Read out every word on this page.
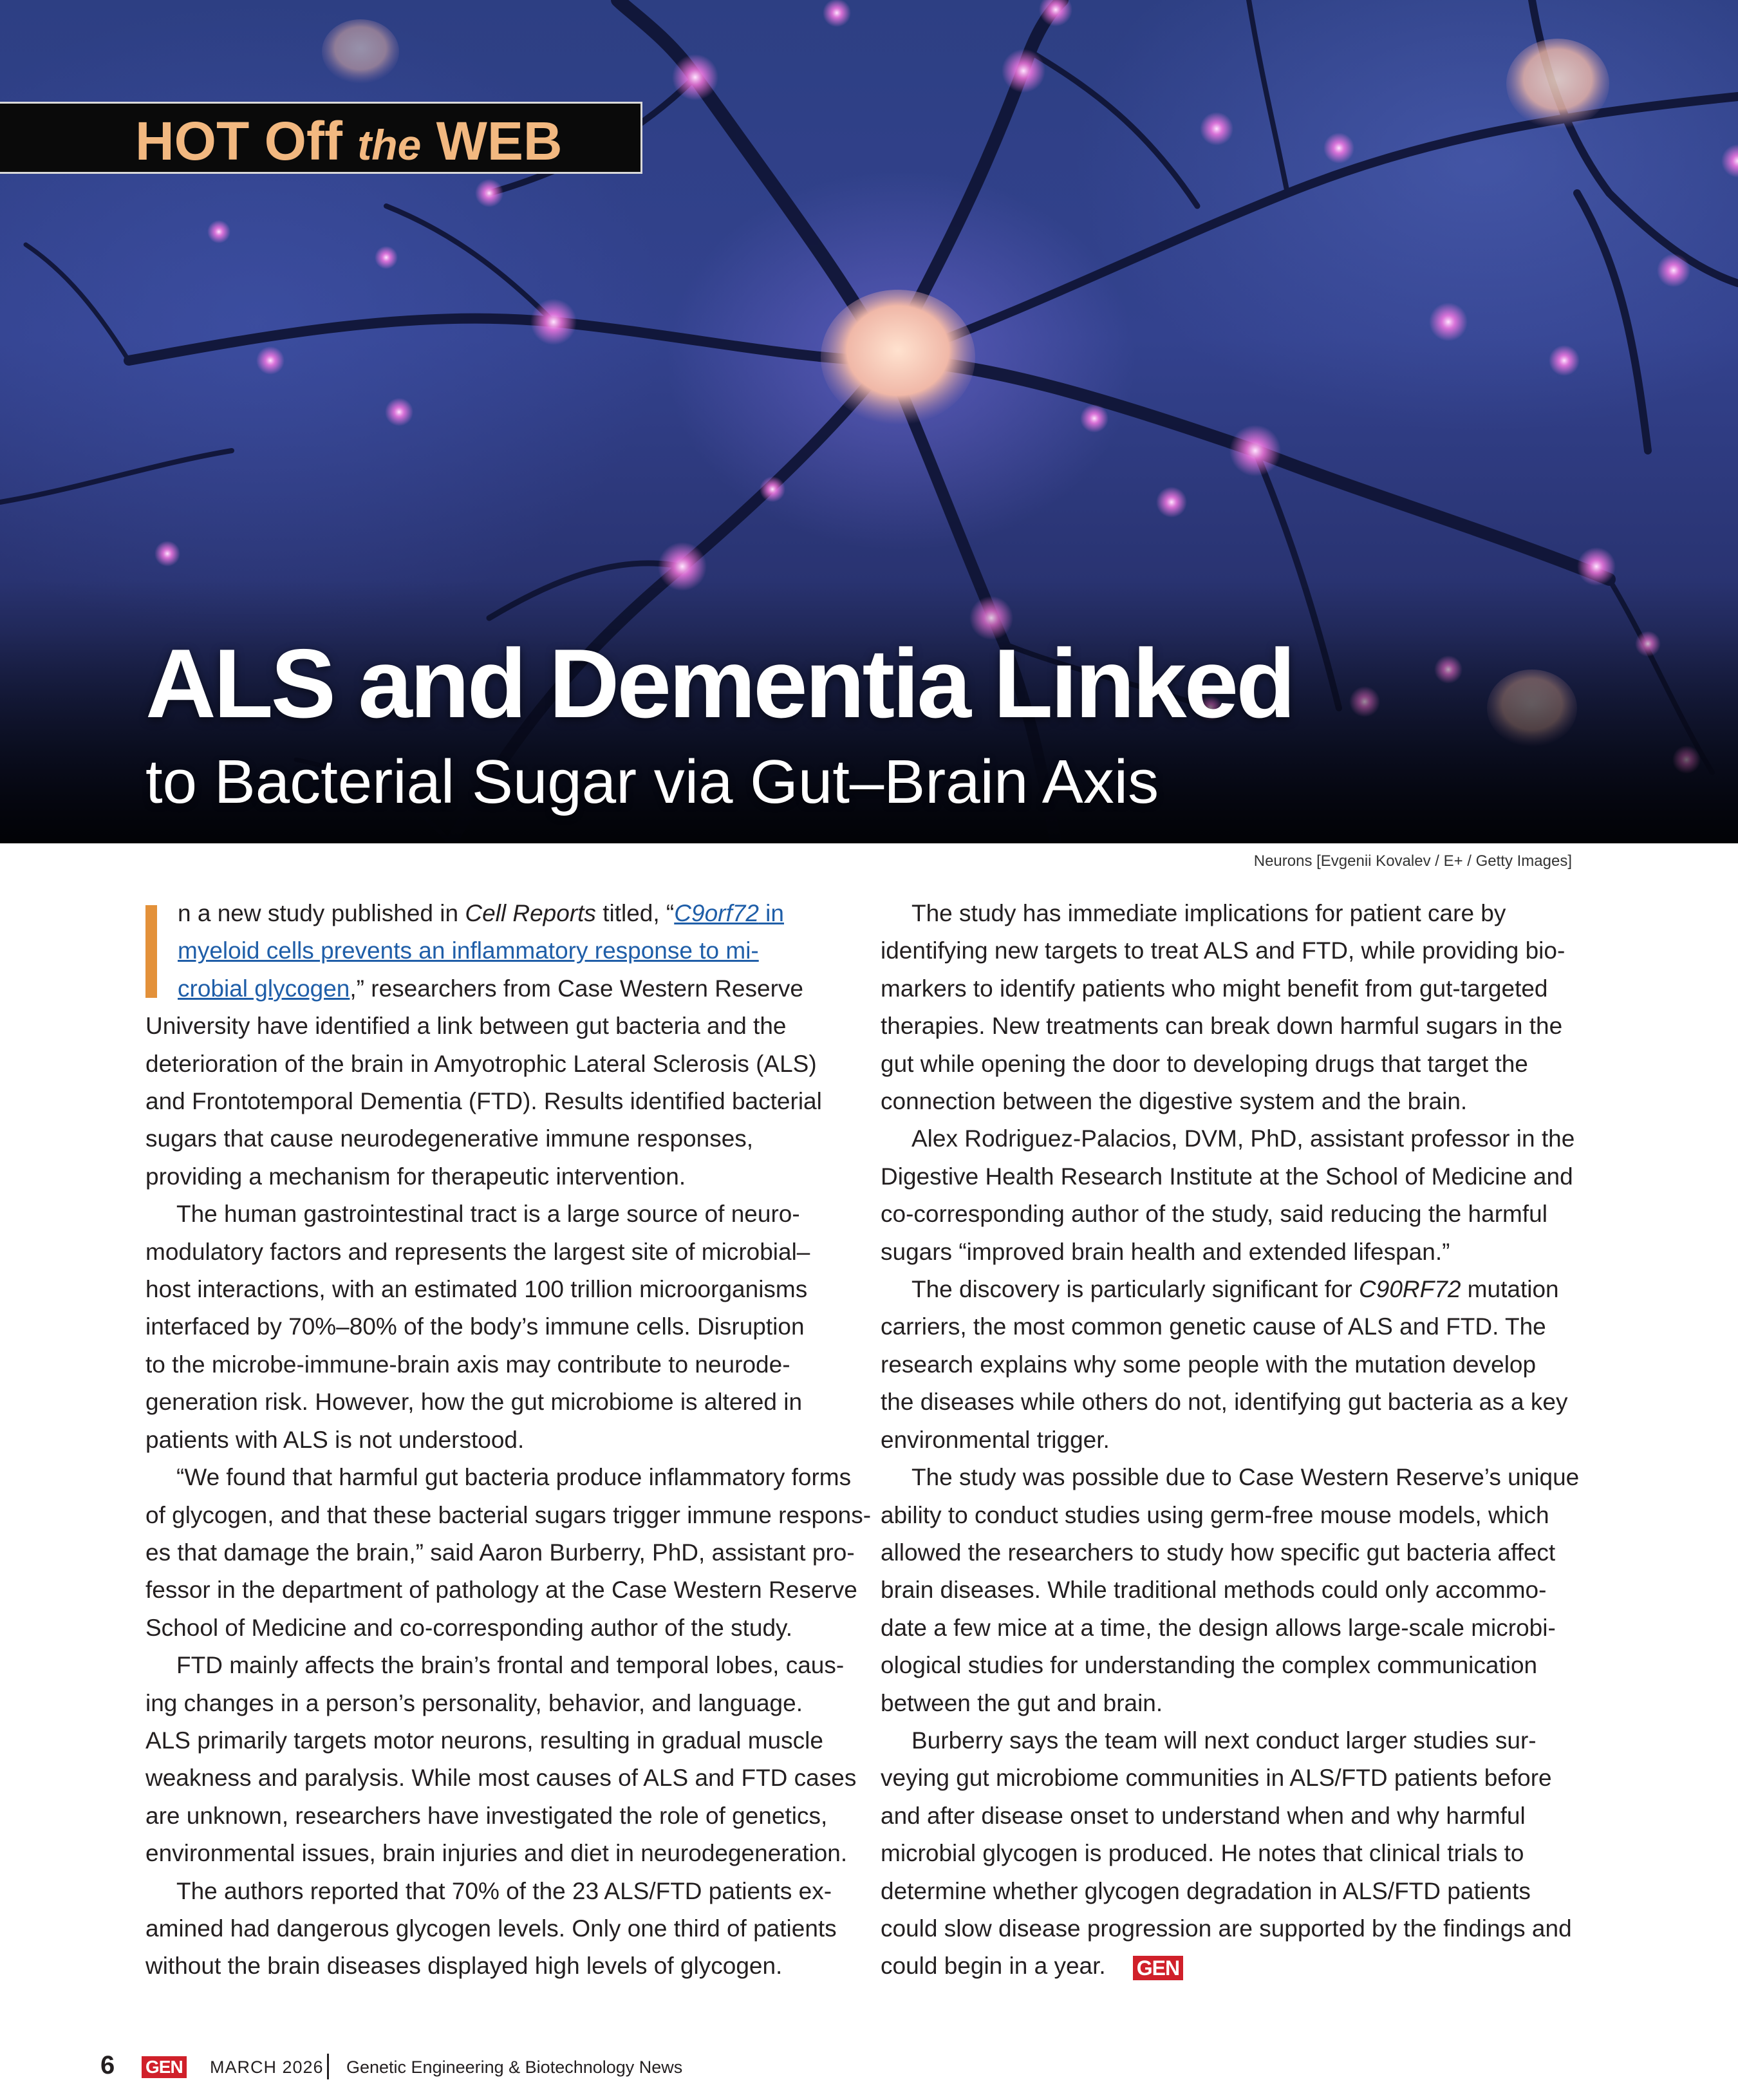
HOT Off the WEB
ALS and Dementia Linked
to Bacterial Sugar via Gut–Brain Axis
Neurons [Evgenii Kovalev / E+ / Getty Images]

n a new study published in Cell Reports titled, “C9orf72 in

myeloid cells prevents an inflammatory response to mi-

crobial glycogen,” researchers from Case Western Reserve

University have identified a link between gut bacteria and the

deterioration of the brain in Amyotrophic Lateral Sclerosis (ALS)

and Frontotemporal Dementia (FTD). Results identified bacterial

sugars that cause neurodegenerative immune responses,

providing a mechanism for therapeutic intervention.

The human gastrointestinal tract is a large source of neuro-

modulatory factors and represents the largest site of microbial–

host interactions, with an estimated 100 trillion microorganisms

interfaced by 70%–80% of the body’s immune cells. Disruption

to the microbe-immune-brain axis may contribute to neurode-

generation risk. However, how the gut microbiome is altered in

patients with ALS is not understood.

“We found that harmful gut bacteria produce inflammatory forms

of glycogen, and that these bacterial sugars trigger immune respons-

es that damage the brain,” said Aaron Burberry, PhD, assistant pro-

fessor in the department of pathology at the Case Western Reserve

School of Medicine and co-corresponding author of the study.

FTD mainly affects the brain’s frontal and temporal lobes, caus-

ing changes in a person’s personality, behavior, and language.

ALS primarily targets motor neurons, resulting in gradual muscle

weakness and paralysis. While most causes of ALS and FTD cases

are unknown, researchers have investigated the role of genetics,

environmental issues, brain injuries and diet in neurodegeneration.

The authors reported that 70% of the 23 ALS/FTD patients ex-

amined had dangerous glycogen levels. Only one third of patients

without the brain diseases displayed high levels of glycogen.

The study has immediate implications for patient care by

identifying new targets to treat ALS and FTD, while providing bio-

markers to identify patients who might benefit from gut-targeted

therapies. New treatments can break down harmful sugars in the

gut while opening the door to developing drugs that target the

connection between the digestive system and the brain.

Alex Rodriguez-Palacios, DVM, PhD, assistant professor in the

Digestive Health Research Institute at the School of Medicine and

co-corresponding author of the study, said reducing the harmful

sugars “improved brain health and extended lifespan.”

The discovery is particularly significant for C90RF72 mutation

carriers, the most common genetic cause of ALS and FTD. The

research explains why some people with the mutation develop

the diseases while others do not, identifying gut bacteria as a key

environmental trigger.

The study was possible due to Case Western Reserve’s unique

ability to conduct studies using germ-free mouse models, which

allowed the researchers to study how specific gut bacteria affect

brain diseases. While traditional methods could only accommo-

date a few mice at a time, the design allows large-scale microbi-

ological studies for understanding the complex communication

between the gut and brain.

Burberry says the team will next conduct larger studies sur-

veying gut microbiome communities in ALS/FTD patients before

and after disease onset to understand when and why harmful

microbial glycogen is produced. He notes that clinical trials to

determine whether glycogen degradation in ALS/FTD patients

could slow disease progression are supported by the findings and

could begin in a year. GEN

6 GEN MARCH 2026 Genetic Engineering & Biotechnology News
